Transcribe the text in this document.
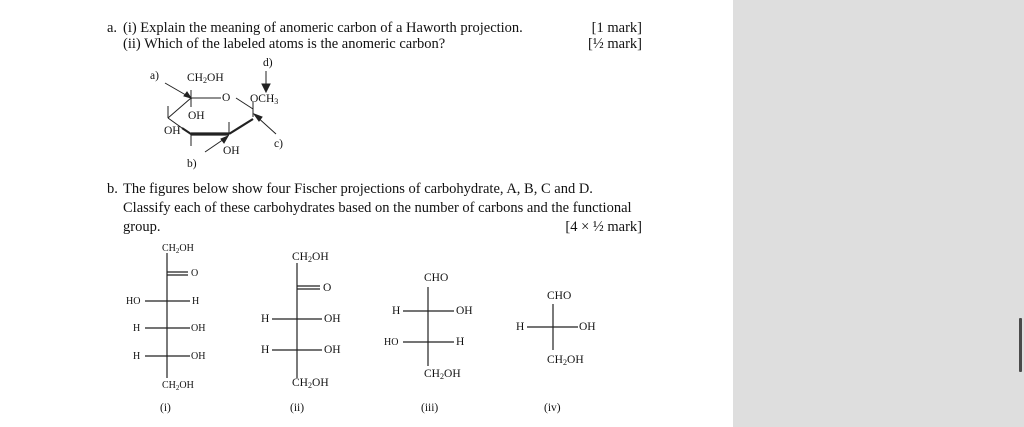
a. (i) Explain the meaning of anomeric carbon of a Haworth projection.	[1 mark]
(ii) Which of the labeled atoms is the anomeric carbon?	[½ mark]
a) $CH_2OH$
O $OCH_3$
d)
OH
OH
OH
c)
b)
b. The figures below show four Fischer projections of carbohydrate, A, B, C and D.
Classify each of these carbohydrates based on the number of carbons and the functional
group.	[4 × ½ mark]
$CH_2OH$
O
HO	H
H	OH
H	OH
$CH_2OH$
(i)
$CH_2OH$
O
H	OH
H	OH
$CH_2OH$
(ii)
CHO
H	OH
HO	H
$CH_2OH$
(iii)
CHO
H	OH
$CH_2OH$
(iv)
